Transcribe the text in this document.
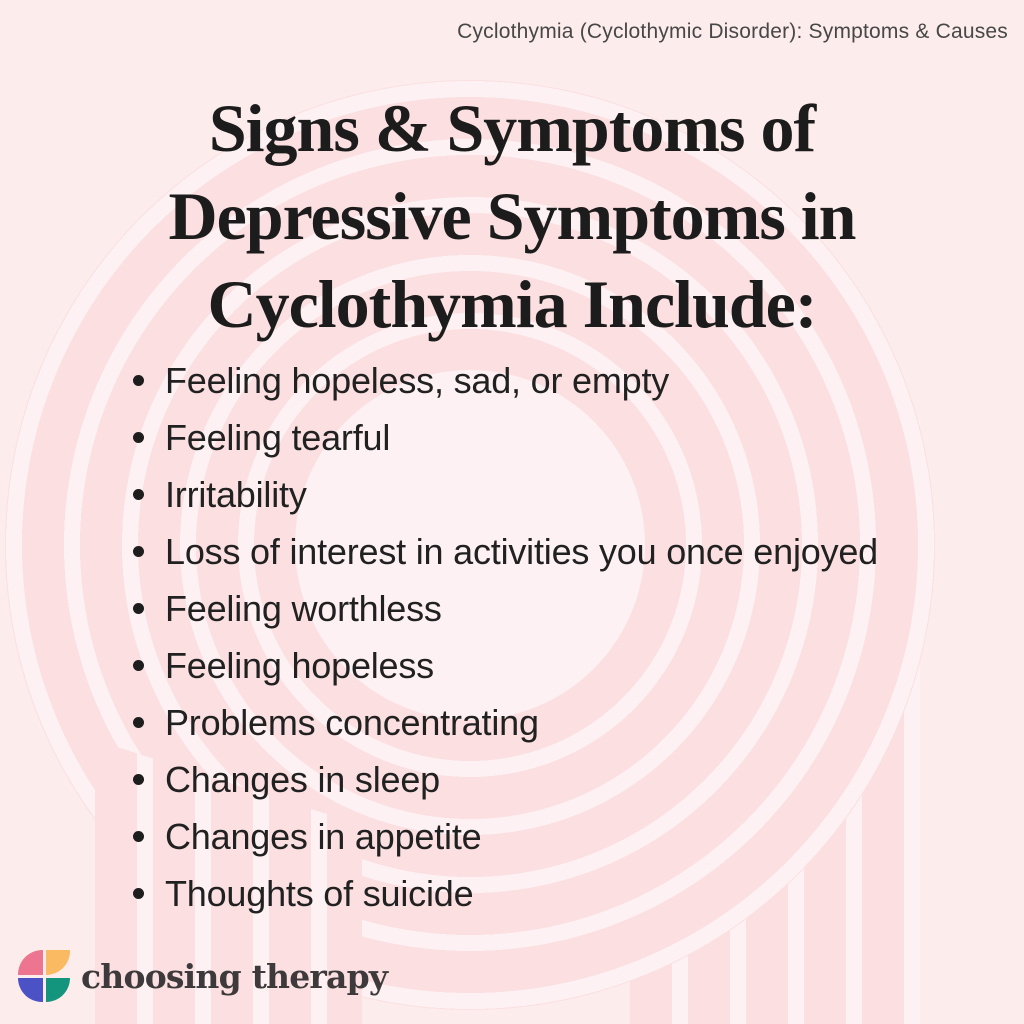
Cyclothymia (Cyclothymic Disorder): Symptoms & Causes
Signs & Symptoms of
Depressive Symptoms in
Cyclothymia Include:
Feeling hopeless, sad, or empty
Feeling tearful
Irritability
Loss of interest in activities you once enjoyed
Feeling worthless
Feeling hopeless
Problems concentrating
Changes in sleep
Changes in appetite
Thoughts of suicide
choosing therapy
